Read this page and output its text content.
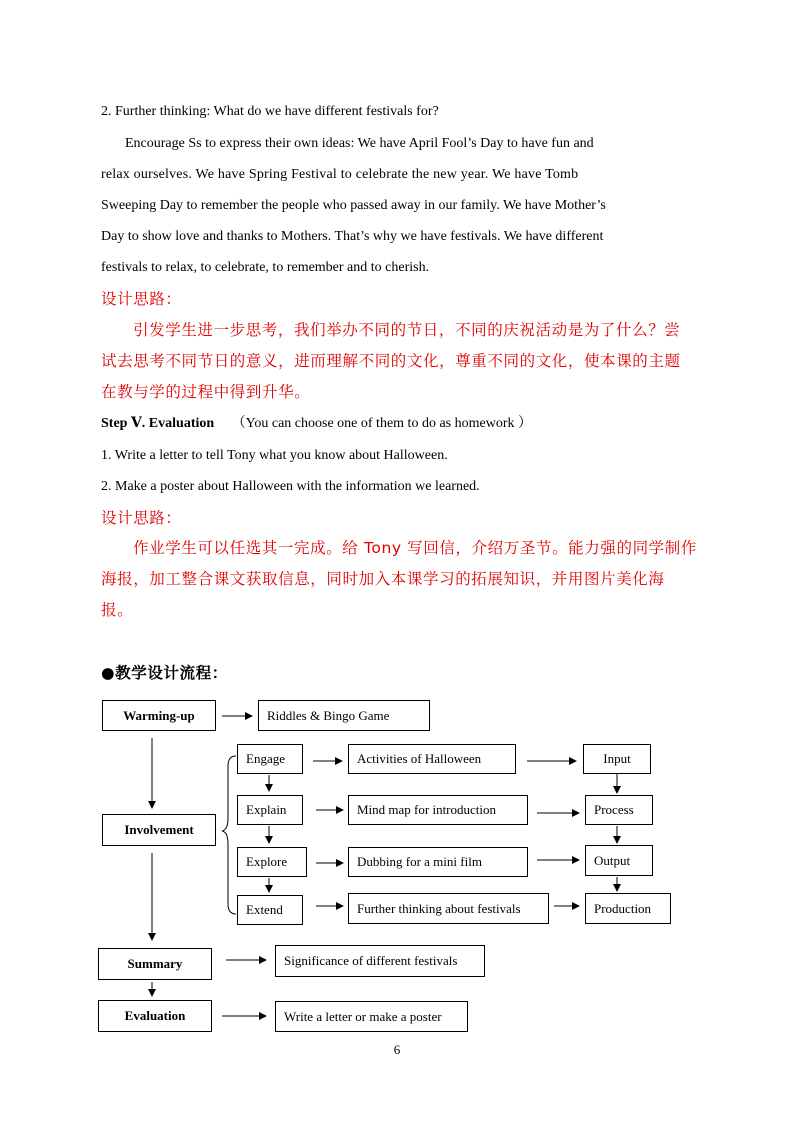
2. Further thinking: What do we have different festivals for?
Encourage Ss to express their own ideas: We have April Fool’s Day to have fun and
relax ourselves. We have Spring Festival to celebrate the new year. We have Tomb
Sweeping Day to remember the people who passed away in our family. We have Mother’s
Day to show love and thanks to Mothers. That’s why we have festivals. We have different
festivals to relax, to celebrate, to remember and to cherish.
设计思路：
引发学生进一步思考，我们举办不同的节日，不同的庆祝活动是为了什么？尝
试去思考不同节日的意义，进而理解不同的文化，尊重不同的文化，使本课的主题
在教与学的过程中得到升华。
Step Ⅴ. Evaluation （You can choose one of them to do as homework ）
1. Write a letter to tell Tony what you know about Halloween.
2. Make a poster about Halloween with the information we learned.
设计思路：
作业学生可以任选其一完成。给 Tony 写回信，介绍万圣节。能力强的同学制作
海报，加工整合课文获取信息，同时加入本课学习的拓展知识，并用图片美化海
报。
●教学设计流程：
Warming-up
Involvement
Summary
Evaluation
Riddles & Bingo Game
Engage
Explain
Explore
Extend
Activities of Halloween
Mind map for introduction
Dubbing for a mini film
Further thinking about festivals
Input
Process
Output
Production
Significance of different festivals
Write a letter or make a poster
6
